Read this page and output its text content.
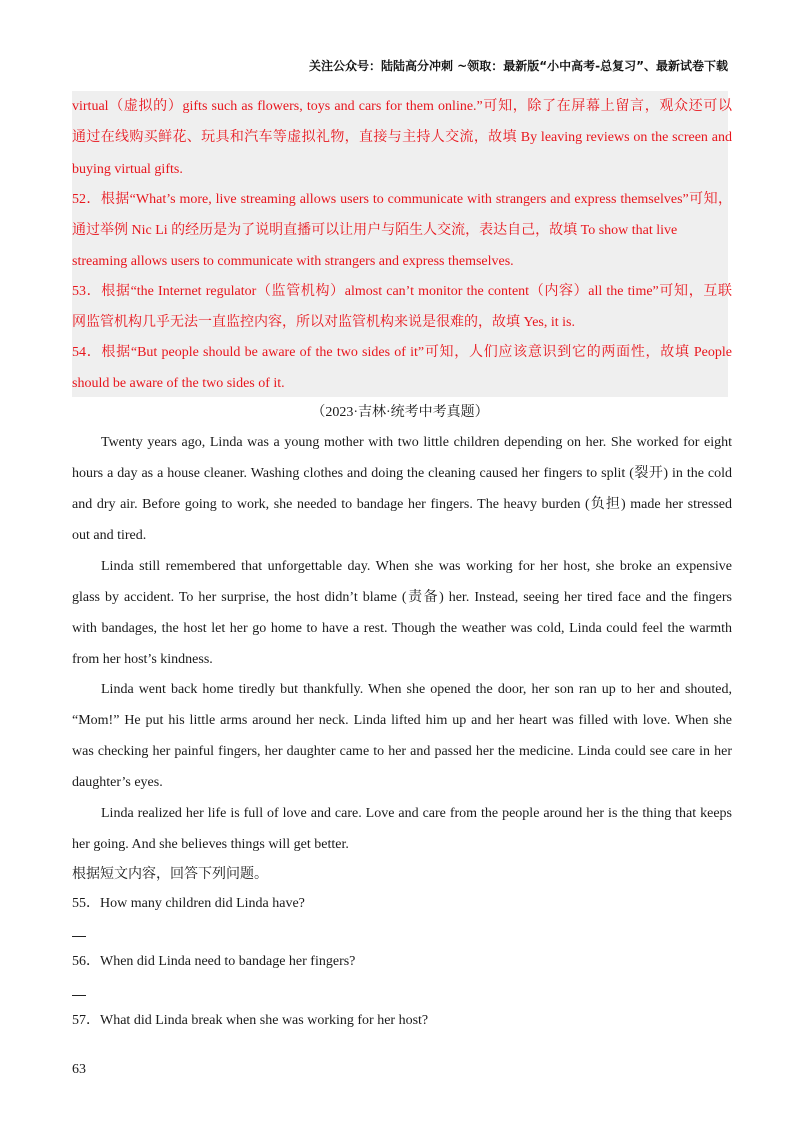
关注公众号：陆陆高分冲刺 ~领取：最新版“小中高考-总复习”、最新试卷下载
virtual（虚拟的）gifts such as flowers, toys and cars for them online.”可知，除了在屏幕上留言，观众还可以
通过在线购买鲜花、玩具和汽车等虚拟礼物，直接与主持人交流，故填 By leaving reviews on the screen and
buying virtual gifts.
52．根据“What’s more, live streaming allows users to communicate with strangers and express themselves”可知，
通过举例 Nic Li 的经历是为了说明直播可以让用户与陌生人交流，表达自己，故填 To show that live
streaming allows users to communicate with strangers and express themselves.
53．根据“the Internet regulator（监管机构）almost can’t monitor the content（内容）all the time”可知，互联
网监管机构几乎无法一直监控内容，所以对监管机构来说是很难的，故填 Yes, it is.
54．根据“But people should be aware of the two sides of it”可知，人们应该意识到它的两面性，故填 People
should be aware of the two sides of it.
（2023·吉林·统考中考真题）
Twenty years ago, Linda was a young mother with two little children depending on her. She worked for eight
hours a day as a house cleaner. Washing clothes and doing the cleaning caused her fingers to split (裂开) in the cold
and dry air. Before going to work, she needed to bandage her fingers. The heavy burden (负担) made her stressed
out and tired.
Linda still remembered that unforgettable day. When she was working for her host, she broke an expensive
glass by accident. To her surprise, the host didn’t blame (责备) her. Instead, seeing her tired face and the fingers
with bandages, the host let her go home to have a rest. Though the weather was cold, Linda could feel the warmth
from her host’s kindness.
Linda went back home tiredly but thankfully. When she opened the door, her son ran up to her and shouted,
“Mom!” He put his little arms around her neck. Linda lifted him up and her heart was filled with love. When she
was checking her painful fingers, her daughter came to her and passed her the medicine. Linda could see care in her
daughter’s eyes.
Linda realized her life is full of love and care. Love and care from the people around her is the thing that keeps
her going. And she believes things will get better.
根据短文内容，回答下列问题。
55．How many children did Linda have?
56．When did Linda need to bandage her fingers?
57．What did Linda break when she was working for her host?
63
